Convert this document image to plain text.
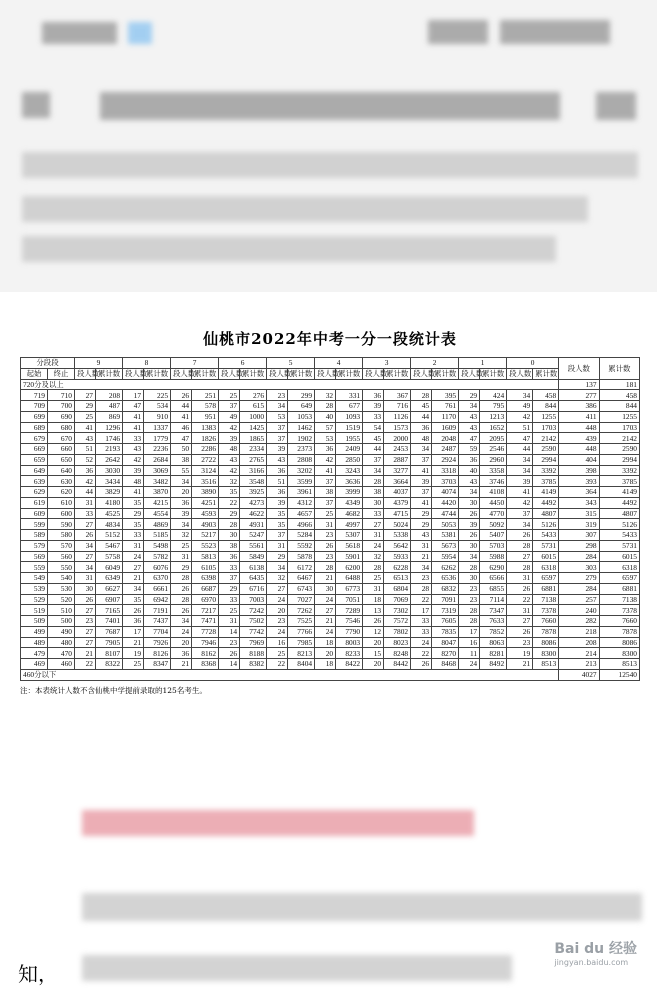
仙桃市2022年中考一分一段统计表
分段段		9		8		7		6		5		4		3		2		1		0		段人数	累计数
起始	终止	段人数	累计数	段人数	累计数	段人数	累计数	段人数	累计数	段人数	累计数	段人数	累计数	段人数	累计数	段人数	累计数	段人数	累计数	段人数	累计数		
720分及以上																						137	181
719	710	27	208	17	225	26	251	25	276	23	299	32	331	36	367	28	395	29	424	34	458	277	458
709	700	29	487	47	534	44	578	37	615	34	649	28	677	39	716	45	761	34	795	49	844	386	844
699	690	25	869	41	910	41	951	49	1000	53	1053	40	1093	33	1126	44	1170	43	1213	42	1255	411	1255
689	680	41	1296	41	1337	46	1383	42	1425	37	1462	57	1519	54	1573	36	1609	43	1652	51	1703	448	1703
679	670	43	1746	33	1779	47	1826	39	1865	37	1902	53	1955	45	2000	48	2048	47	2095	47	2142	439	2142
669	660	51	2193	43	2236	50	2286	48	2334	39	2373	36	2409	44	2453	34	2487	59	2546	44	2590	448	2590
659	650	52	2642	42	2684	38	2722	43	2765	43	2808	42	2850	37	2887	37	2924	36	2960	34	2994	404	2994
649	640	36	3030	39	3069	55	3124	42	3166	36	3202	41	3243	34	3277	41	3318	40	3358	34	3392	398	3392
639	630	42	3434	48	3482	34	3516	32	3548	51	3599	37	3636	28	3664	39	3703	43	3746	39	3785	393	3785
629	620	44	3829	41	3870	20	3890	35	3925	36	3961	38	3999	38	4037	37	4074	34	4108	41	4149	364	4149
619	610	31	4180	35	4215	36	4251	22	4273	39	4312	37	4349	30	4379	41	4420	30	4450	42	4492	343	4492
609	600	33	4525	29	4554	39	4593	29	4622	35	4657	25	4682	33	4715	29	4744	26	4770	37	4807	315	4807
599	590	27	4834	35	4869	34	4903	28	4931	35	4966	31	4997	27	5024	29	5053	39	5092	34	5126	319	5126
589	580	26	5152	33	5185	32	5217	30	5247	37	5284	23	5307	31	5338	43	5381	26	5407	26	5433	307	5433
579	570	34	5467	31	5498	25	5523	38	5561	31	5592	26	5618	24	5642	31	5673	30	5703	28	5731	298	5731
569	560	27	5758	24	5782	31	5813	36	5849	29	5878	23	5901	32	5933	21	5954	34	5988	27	6015	284	6015
559	550	34	6049	27	6076	29	6105	33	6138	34	6172	28	6200	28	6228	34	6262	28	6290	28	6318	303	6318
549	540	31	6349	21	6370	28	6398	37	6435	32	6467	21	6488	25	6513	23	6536	30	6566	31	6597	279	6597
539	530	30	6627	34	6661	26	6687	29	6716	27	6743	30	6773	31	6804	28	6832	23	6855	26	6881	284	6881
529	520	26	6907	35	6942	28	6970	33	7003	24	7027	24	7051	18	7069	22	7091	23	7114	22	7138	257	7138
519	510	27	7165	26	7191	26	7217	25	7242	20	7262	27	7289	13	7302	17	7319	28	7347	31	7378	240	7378
509	500	23	7401	36	7437	34	7471	31	7502	23	7525	21	7546	26	7572	33	7605	28	7633	27	7660	282	7660
499	490	27	7687	17	7704	24	7728	14	7742	24	7766	24	7790	12	7802	33	7835	17	7852	26	7878	218	7878
489	480	27	7905	21	7926	20	7946	23	7969	16	7985	18	8003	20	8023	24	8047	16	8063	23	8086	208	8086
479	470	21	8107	19	8126	36	8162	26	8188	25	8213	20	8233	15	8248	22	8270	11	8281	19	8300	214	8300
469	460	22	8322	25	8347	21	8368	14	8382	22	8404	18	8422	20	8442	26	8468	24	8492	21	8513	213	8513
460分以下																						4027	12540
注：本表统计人数不含仙桃中学提前录取的125名考生。
知，
Bai du 经验
jingyan.baidu.com
